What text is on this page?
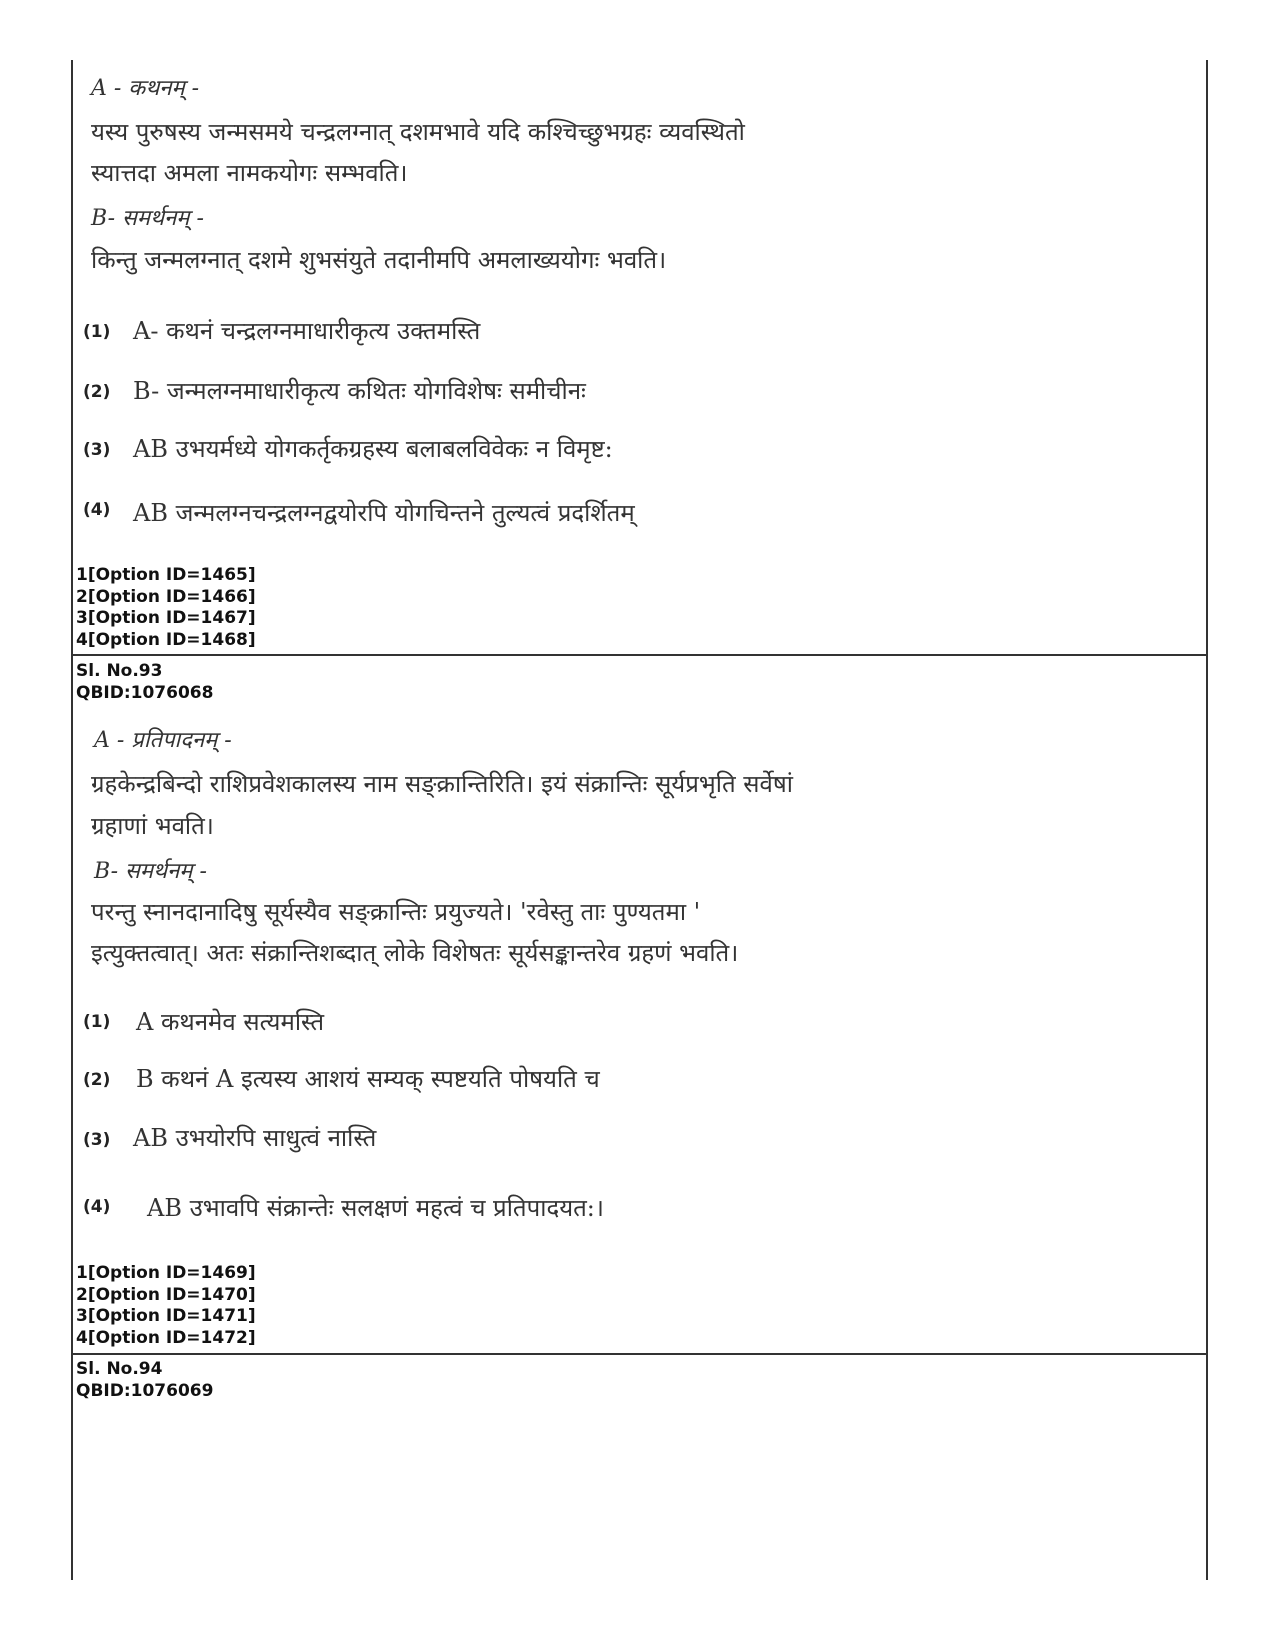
A - कथनम् -
यस्य पुरुषस्य जन्मसमये चन्द्रलग्नात् दशमभावे यदि कश्चिच्छुभग्रहः व्यवस्थितो
स्यात्तदा अमला नामकयोगः सम्भवति।
B- समर्थनम् -
किन्तु जन्मलग्नात् दशमे शुभसंयुते तदानीमपि अमलाख्ययोगः भवति।
(1) A- कथनं चन्द्रलग्नमाधारीकृत्य उक्तमस्ति
(2) B- जन्मलग्नमाधारीकृत्य कथितः योगविशेषः समीचीनः
(3) AB उभयर्मध्ये योगकर्तृकग्रहस्य बलाबलविवेकः न विमृष्ट:
(4) AB जन्मलग्नचन्द्रलग्नद्वयोरपि योगचिन्तने तुल्यत्वं प्रदर्शितम्
1[Option ID=1465]
2[Option ID=1466]
3[Option ID=1467]
4[Option ID=1468]
Sl. No.93
QBID:1076068
A - प्रतिपादनम् -
ग्रहकेन्द्रबिन्दो राशिप्रवेशकालस्य नाम सङ्क्रान्तिरिति। इयं संक्रान्तिः सूर्यप्रभृति सर्वेषां
ग्रहाणां भवति।
B- समर्थनम् -
परन्तु स्नानदानादिषु सूर्यस्यैव सङ्क्रान्तिः प्रयुज्यते। 'रवेस्तु ताः पुण्यतमा '
इत्युक्तत्वात्। अतः संक्रान्तिशब्दात् लोके विशेषतः सूर्यसङ्कान्तरेव ग्रहणं भवति।
(1) A कथनमेव सत्यमस्ति
(2) B कथनं A इत्यस्य आशयं सम्यक् स्पष्टयति पोषयति च
(3) AB उभयोरपि साधुत्वं नास्ति
(4) AB उभावपि संक्रान्तेः सलक्षणं महत्वं च प्रतिपादयत:।
1[Option ID=1469]
2[Option ID=1470]
3[Option ID=1471]
4[Option ID=1472]
Sl. No.94
QBID:1076069
